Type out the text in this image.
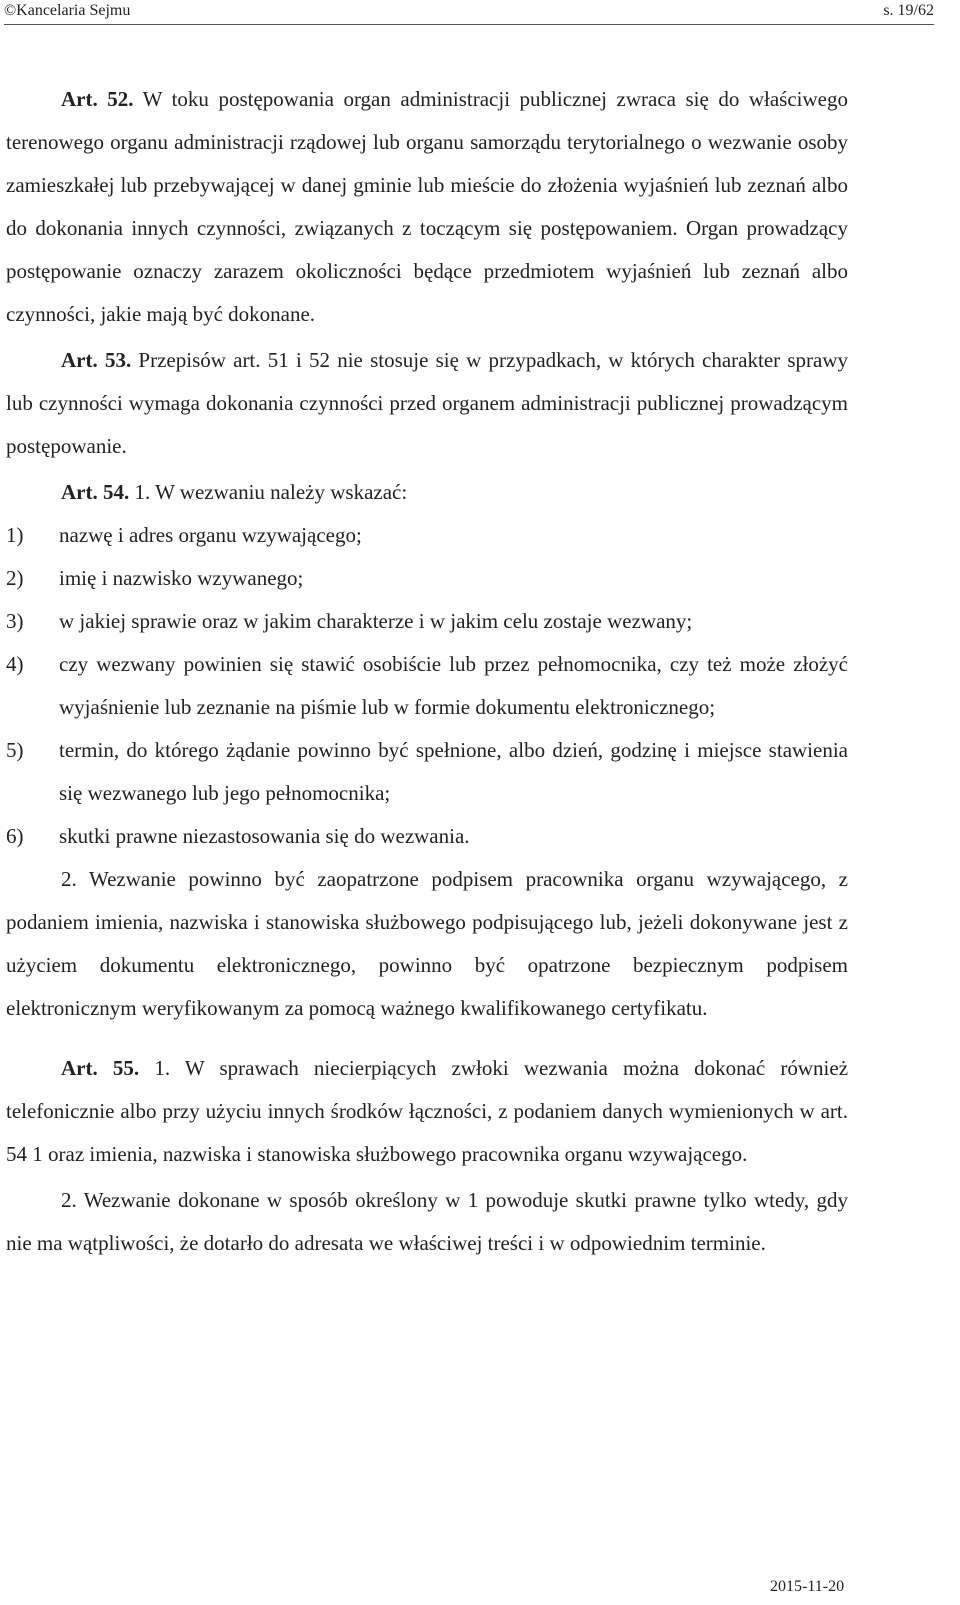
©Kancelaria Sejmu	s. 19/62

Art. 52. W toku postępowania organ administracji publicznej zwraca się do właściwego terenowego organu administracji rządowej lub organu samorządu terytorialnego o wezwanie osoby zamieszkałej lub przebywającej w danej gminie lub mieście do złożenia wyjaśnień lub zeznań albo do dokonania innych czynności, związanych z toczącym się postępowaniem. Organ prowadzący postępowanie oznaczy zarazem okoliczności będące przedmiotem wyjaśnień lub zeznań albo czynności, jakie mają być dokonane.

Art. 53. Przepisów art. 51 i 52 nie stosuje się w przypadkach, w których charakter sprawy lub czynności wymaga dokonania czynności przed organem administracji publicznej prowadzącym postępowanie.

Art. 54. 1. W wezwaniu należy wskazać:

1) nazwę i adres organu wzywającego;
2) imię i nazwisko wzywanego;
3) w jakiej sprawie oraz w jakim charakterze i w jakim celu zostaje wezwany;
4) czy wezwany powinien się stawić osobiście lub przez pełnomocnika, czy też może złożyć wyjaśnienie lub zeznanie na piśmie lub w formie dokumentu elektronicznego;
5) termin, do którego żądanie powinno być spełnione, albo dzień, godzinę i miejsce stawienia się wezwanego lub jego pełnomocnika;
6) skutki prawne niezastosowania się do wezwania.

2. Wezwanie powinno być zaopatrzone podpisem pracownika organu wzywającego, z podaniem imienia, nazwiska i stanowiska służbowego podpisującego lub, jeżeli dokonywane jest z użyciem dokumentu elektronicznego, powinno być opatrzone bezpiecznym podpisem elektronicznym weryfikowanym za pomocą ważnego kwalifikowanego certyfikatu.

Art. 55. 1. W sprawach niecierpiących zwłoki wezwania można dokonać również telefonicznie albo przy użyciu innych środków łączności, z podaniem danych wymienionych w art. 54 1 oraz imienia, nazwiska i stanowiska służbowego pracownika organu wzywającego.

2. Wezwanie dokonane w sposób określony w 1 powoduje skutki prawne tylko wtedy, gdy nie ma wątpliwości, że dotarło do adresata we właściwej treści i w odpowiednim terminie.

2015-11-20
